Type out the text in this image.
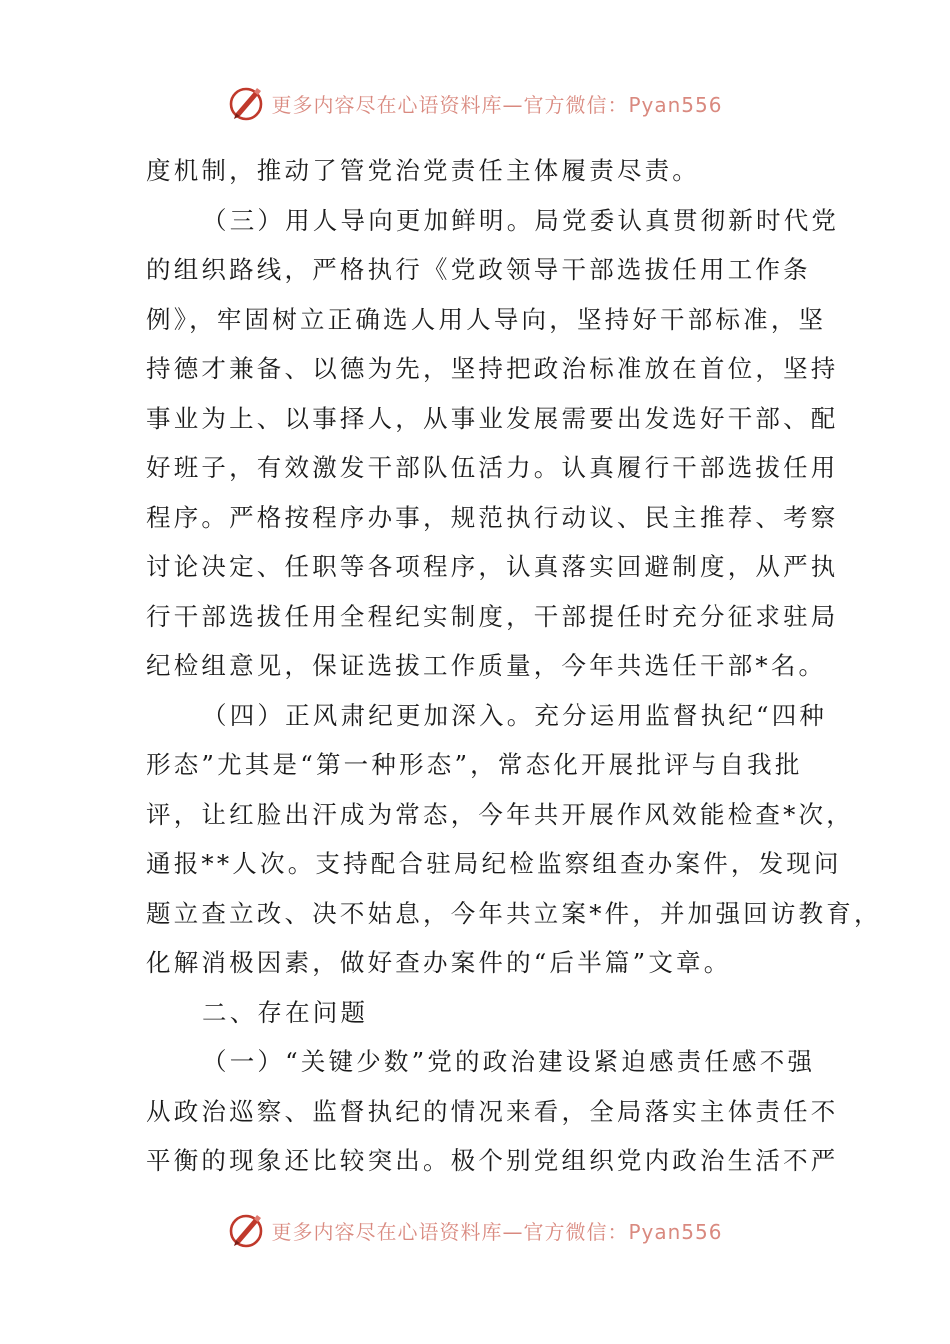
更多内容尽在心语资料库—官方微信：Pyan556
度机制，推动了管党治党责任主体履责尽责。
（三）用人导向更加鲜明。局党委认真贯彻新时代党
的组织路线，严格执行《党政领导干部选拔任用工作条
例》，牢固树立正确选人用人导向，坚持好干部标准，坚
持德才兼备、以德为先，坚持把政治标准放在首位，坚持
事业为上、以事择人，从事业发展需要出发选好干部、配
好班子，有效激发干部队伍活力。认真履行干部选拔任用
程序。严格按程序办事，规范执行动议、民主推荐、考察
讨论决定、任职等各项程序，认真落实回避制度，从严执
行干部选拔任用全程纪实制度，干部提任时充分征求驻局
纪检组意见，保证选拔工作质量，今年共选任干部*名。
（四）正风肃纪更加深入。充分运用监督执纪“四种
形态”尤其是“第一种形态”，常态化开展批评与自我批
评，让红脸出汗成为常态，今年共开展作风效能检查*次，
通报**人次。支持配合驻局纪检监察组查办案件，发现问
题立查立改、决不姑息，今年共立案*件，并加强回访教育，
化解消极因素，做好查办案件的“后半篇”文章。
二、存在问题
（一）“关键少数”党的政治建设紧迫感责任感不强
从政治巡察、监督执纪的情况来看，全局落实主体责任不
平衡的现象还比较突出。极个别党组织党内政治生活不严
更多内容尽在心语资料库—官方微信：Pyan556
